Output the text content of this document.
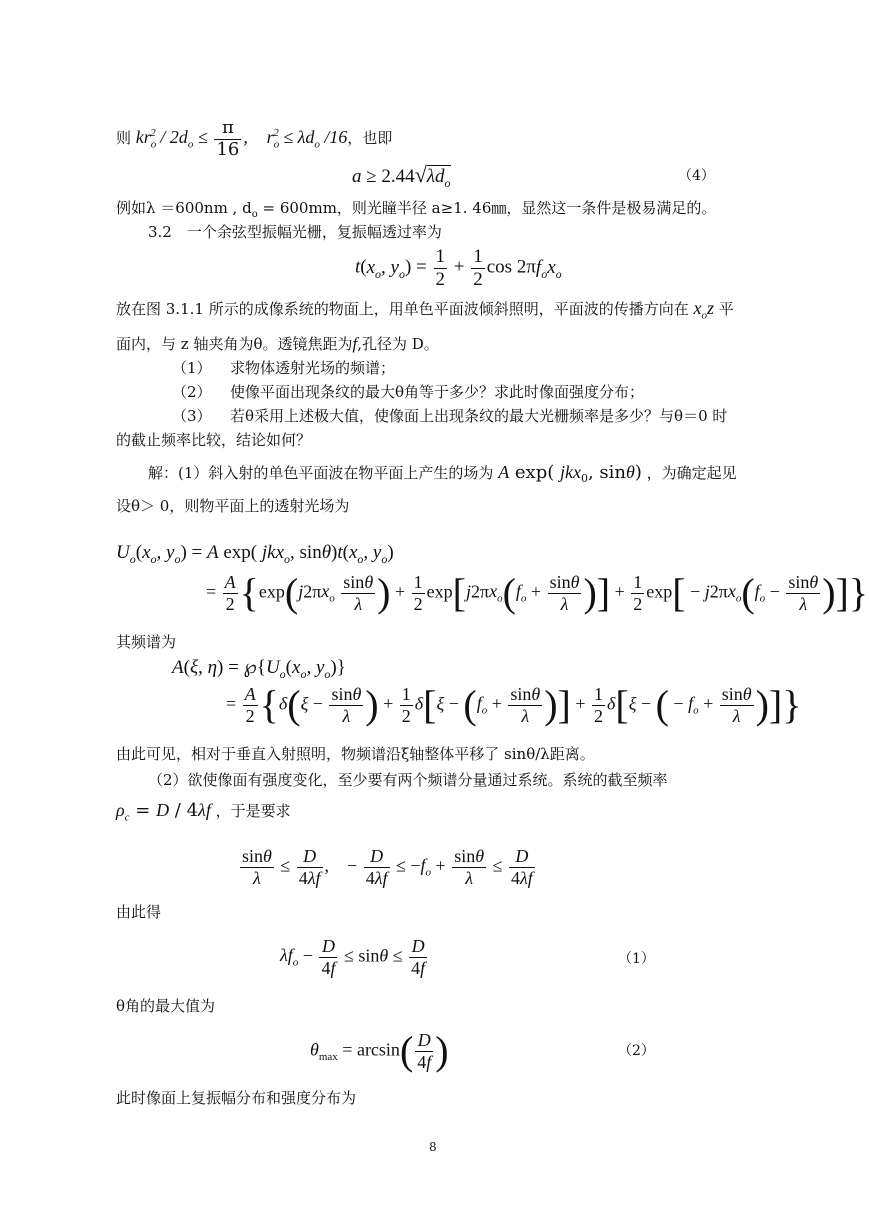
则 $kr_o^2 / 2d_o \le \frac{\pi}{16}$ , $r_o^2 \le \lambda d_o$ /16，也即
$a \ge 2.44√\lambda d_o$	（4）
例如λ ＝600nm , $d_o = 600mm$，则光瞳半径 a≥1. 46㎜，显然这一条件是极易满足的。
3.2　一个余弦型振幅光栅，复振幅透过率为
$t(x_o$, $y_o) = \frac{1}{2} + \frac{1}{2}$ $\cos 2\pi f_ox_o$
放在图 3.1.1 所示的成像系统的物面上，用单色平面波倾斜照明，平面波的传播方向在 $x_oz$ 平
面内，与 z 轴夹角为θ。透镜焦距为f,孔径为 D。
（1） 求物体透射光场的频谱；
（2） 使像平面出现条纹的最大θ角等于多少？求此时像面强度分布；
（3） 若θ采用上述极大值，使像面上出现条纹的最大光栅频率是多少？与θ＝0 时
的截止频率比较，结论如何？
解：(1）斜入射的单色平面波在物平面上产生的场为 A exp( jkx$_0$, sinθ) ，为确定起见
设θ＞ 0，则物平面上的透射光场为
$U_o(x_o$, $y_o) = A$ exp( jkx$_o$, $\sin\theta)t(x_o$, $y_o$)
= $\frac{A}{2} \{\exp(j2\pi x_o \frac{\sin\theta}{\lambda}$ ) + $\frac{1}{2} \exp[j2\pi x_o(f_o + \frac{\sin\theta}{\lambda}$ )] + $\frac{1}{2} \exp[ - j2\pi x_o(f_o - \frac{\sin\theta}{\lambda}$ )]}
其频谱为
A(ξ, $\eta) = ℘\{U_o(x_o$, $y_o$)}
= $\frac{A}{2} \{\delta(\xi - \frac{\sin\theta}{\lambda}$ ) + $\frac{1}{2} \delta[\xi - (f_o + \frac{\sin\theta}{\lambda}$ )] + $\frac{1}{2} \delta[\xi$ − ( − $f_o + \frac{\sin\theta}{\lambda}$ )]}
由此可见，相对于垂直入射照明，物频谱沿ξ轴整体平移了 sinθ/λ距离。
（2）欲使像面有强度变化，至少要有两个频谱分量通过系统。系统的截至频率
$\rho_c = D / 4\lambda f$ ，于是要求
$\frac{\sin\theta}{\lambda} \le \frac{D}{4\lambda f}$ ,    − $\frac{D}{4\lambda f} \le -f_o + \frac{\sin\theta}{\lambda} \le \frac{D}{4\lambda f}$
由此得
$\lambda f_o - \frac{D}{4f} \le \sin\theta \le \frac{D}{4f}$	（1）
θ角的最大值为
$\theta_{max} = \arcsin( \frac{D}{4f}$ )	（2）
此时像面上复振幅分布和强度分布为
8
